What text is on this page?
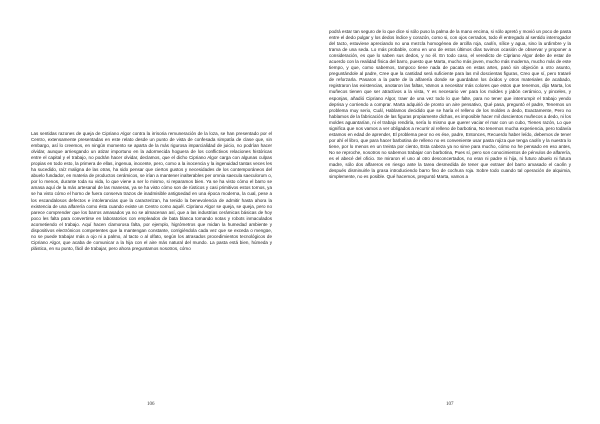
Las sentidas razones de queja de Cipriano Algor contra la irrisoria remuneración de la loza, se han presentado por el Centro, extensamente presentadas en este relato desde un punto de vista de confesada simpatía de clase que, sin embargo, así lo creemos, en ningún momento se aparta de la más rigurosa imparcialidad de juicio, no podrían hacer olvidar, aunque arriesgando un atizar importuno en la adormecida hoguera de los conflictivos relaciones históricas entre el capital y el trabajo, no podrán hacer olvidar, declamos, que el dicho Cipriano Algor carga con algunas culpas propias en todo esto, la primera de ellas, ingenua, inocente, pero, como a la inocencia y la ingenuidad tantas veces les ha sucedido, raíz maligna de las otras, ha sido pensar que ciertos gustos y necesidades de los contemporáneos del abuelo fundador, en materia de productos cerámicos, se irían a mantener inalterables per omnia saecula saeculorum o, por lo menos, durante toda su vida, lo que viene a ser lo mismo, si reparamos bien. Ya se ha visto cómo el barro se amasa aquí de la más artesanal de las maneras, ya se ha visto cómo son de rústicos y casi primitivos estos tornos, ya se ha visto cómo el horno de fuera conserva trazos de inadmisible antigüedad en una época moderna, la cual, pese a los escandalosos defectos e intolerancias que la caracterizan, ha tenido la benevolencia de admitir hasta ahora la existencia de una alfarería como ésta cuando existe un Centro como aquél. Cipriano Algor se queja, se queja, pero no parece comprender que los barros amasados ya no se almacenan así, que a las industrias cerámicas básicas de hoy poco les falta para convertirse en laboratorios con empleados de bata blanca tomando notas y robots inmaculados acometiendo el trabajo. Aquí hacen clamorosa falta, por ejemplo, higrómetros que midan la humedad ambiente y dispositivos electrónicos competentes que la mantengan constante, corrigiéndola cada vez que se exceda o mengüe, no se puede trabajar más a ojo ni a palmo, al tacto o al olfato, según los atrasados procedimientos tecnológicos de Cipriano Algor, que acaba de comunicar a la hija con el aire más natural del mundo. La pasta está bien, húmeda y plástica, en su punto, fácil de trabajar, pero ahora preguntamos nosotros, cómo

106

podrá estar tan seguro de lo que dice si sólo puso la palma de la mano encima, si sólo apretó y movió un poco de pasta entre el dedo pulgar y los dedos índice y corazón, como si, con ojos cerrados, todo él entregado al sentido interrogador del tacto, estuviese apreciando no una mezcla homogénea de arcilla roja, caolín, sílice y agua, sino la urdimbre y la trama de una seda. Lo más probable, como en uno de estos últimos días tuvimos ocasión de observar y proponer a consideración, es que lo saben sus dedos, y no él. En todo caso, el veredicto de Cipriano Algor debe de estar de acuerdo con la realidad física del barro, puesto que Marta, mucho más joven, mucho más moderna, mucho más de este tiempo, y que, como sabemos, tampoco tiene nada de pacata en estas artes, pasó sin objeción a otro asunto, preguntándole al padre, Cree que la cantidad será suficiente para las mil doscientas figuras, Creo que sí, pero trataré de reforzarla. Pasaron a la parte de la alfarería donde se guardaban los óxidos y otros materiales de acabado, registraron las existencias, anotaron las faltas, Vamos a necesitar más colores que estos que tenemos, dijo Marta, los muñecos tienen que ser atractivos a la vista, Y es necesario ver para los moldes y jabón cerámico, y pinceles, y esponjas, añadió Cipriano Algor, traer de una vez todo lo que falte, para no tener que interrumpir el trabajo yendo deprisa y corriendo a comprar. Marta adquirió de pronto un aire pensativo, Qué pasa, preguntó el padre, Tenemos un problema muy serio, Cuál, Hablamos decidido que se haría el relleno de los moldes a dedo, Exactamente, Pero no hablamos de la fabricación de las figuras propiamente dichas, es imposible hacer mil doscientos muñecos a dedo, ni los moldes aguantarían, ni el trabajo rendiría, sería lo mismo que querer vaciar el mar con un cubo, Tienes razón, Lo que significa que nos vamos a ver obligados a recurrir al relleno de barbotina, No tenemos mucha experiencia, pero todavía estamos en edad de aprender, El problema peor no es ése, padre, Entonces, Recuerdo haber leído, debemos de tener por ahí el libro, que para hacer barbotina de relleno no es conveniente usar pasta rojiza que tenga caolín y la nuestra lo tiene, por lo menos en un treinta por ciento, Esta cabeza ya no sirve para mucho, cómo no he pensado en eso antes, No se reproche, nosotros no sabemos trabajar con barbotina, Pues sí, pero son conocimientos de pérvulos de alfarería, es el abecé del oficio. Se miraron el uno al otro desconcertados, no eran ni padre ni hija, ni futuro abuelo ni futura madre, sólo dos alfareros en riesgo ante la tarea desmedida de tener que extraer del barro amasado el caolín y después disminuirle la grasa introduciendo barro fino de cochura roja. Sobre todo cuando tal operación de alquimia, simplemente, no es posible. Qué hacemos, preguntó Marta, vamos a

107
